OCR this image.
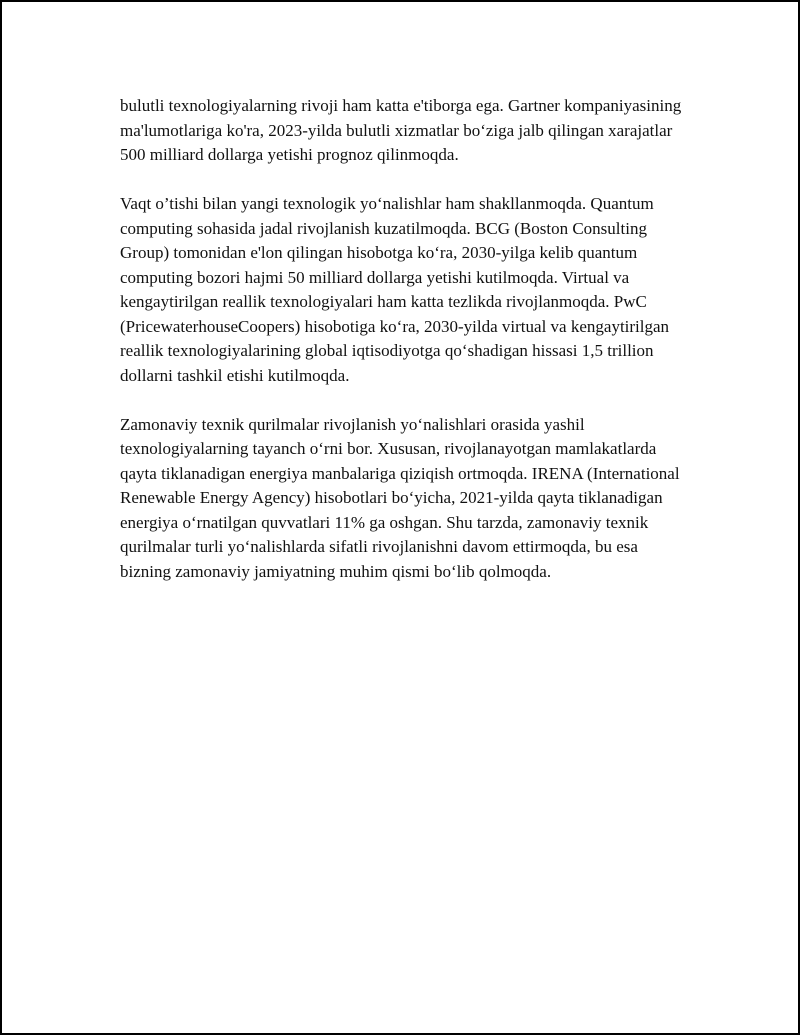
bulutli texnologiyalarning rivoji ham katta e'tiborga ega. Gartner kompaniyasining ma'lumotlariga ko'ra, 2023-yilda bulutli xizmatlar bo‘ziga jalb qilingan xarajatlar 500 milliard dollarga yetishi prognoz qilinmoqda.

Vaqt o’tishi bilan yangi texnologik yo‘nalishlar ham shakllanmoqda. Quantum computing sohasida jadal rivojlanish kuzatilmoqda. BCG (Boston Consulting Group) tomonidan e'lon qilingan hisobotga ko‘ra, 2030-yilga kelib quantum computing bozori hajmi 50 milliard dollarga yetishi kutilmoqda. Virtual va kengaytirilgan reallik texnologiyalari ham katta tezlikda rivojlanmoqda. PwC (PricewaterhouseCoopers) hisobotiga ko‘ra, 2030-yilda virtual va kengaytirilgan reallik texnologiyalarining global iqtisodiyotga qo‘shadigan hissasi 1,5 trillion dollarni tashkil etishi kutilmoqda.

Zamonaviy texnik qurilmalar rivojlanish yo‘nalishlari orasida yashil texnologiyalarning tayanch o‘rni bor. Xususan, rivojlanayotgan mamlakatlarda qayta tiklanadigan energiya manbalariga qiziqish ortmoqda. IRENA (International Renewable Energy Agency) hisobotlari bo‘yicha, 2021-yilda qayta tiklanadigan energiya o‘rnatilgan quvvatlari 11% ga oshgan. Shu tarzda, zamonaviy texnik qurilmalar turli yo‘nalishlarda sifatli rivojlanishni davom ettirmoqda, bu esa bizning zamonaviy jamiyatning muhim qismi bo‘lib qolmoqda.
